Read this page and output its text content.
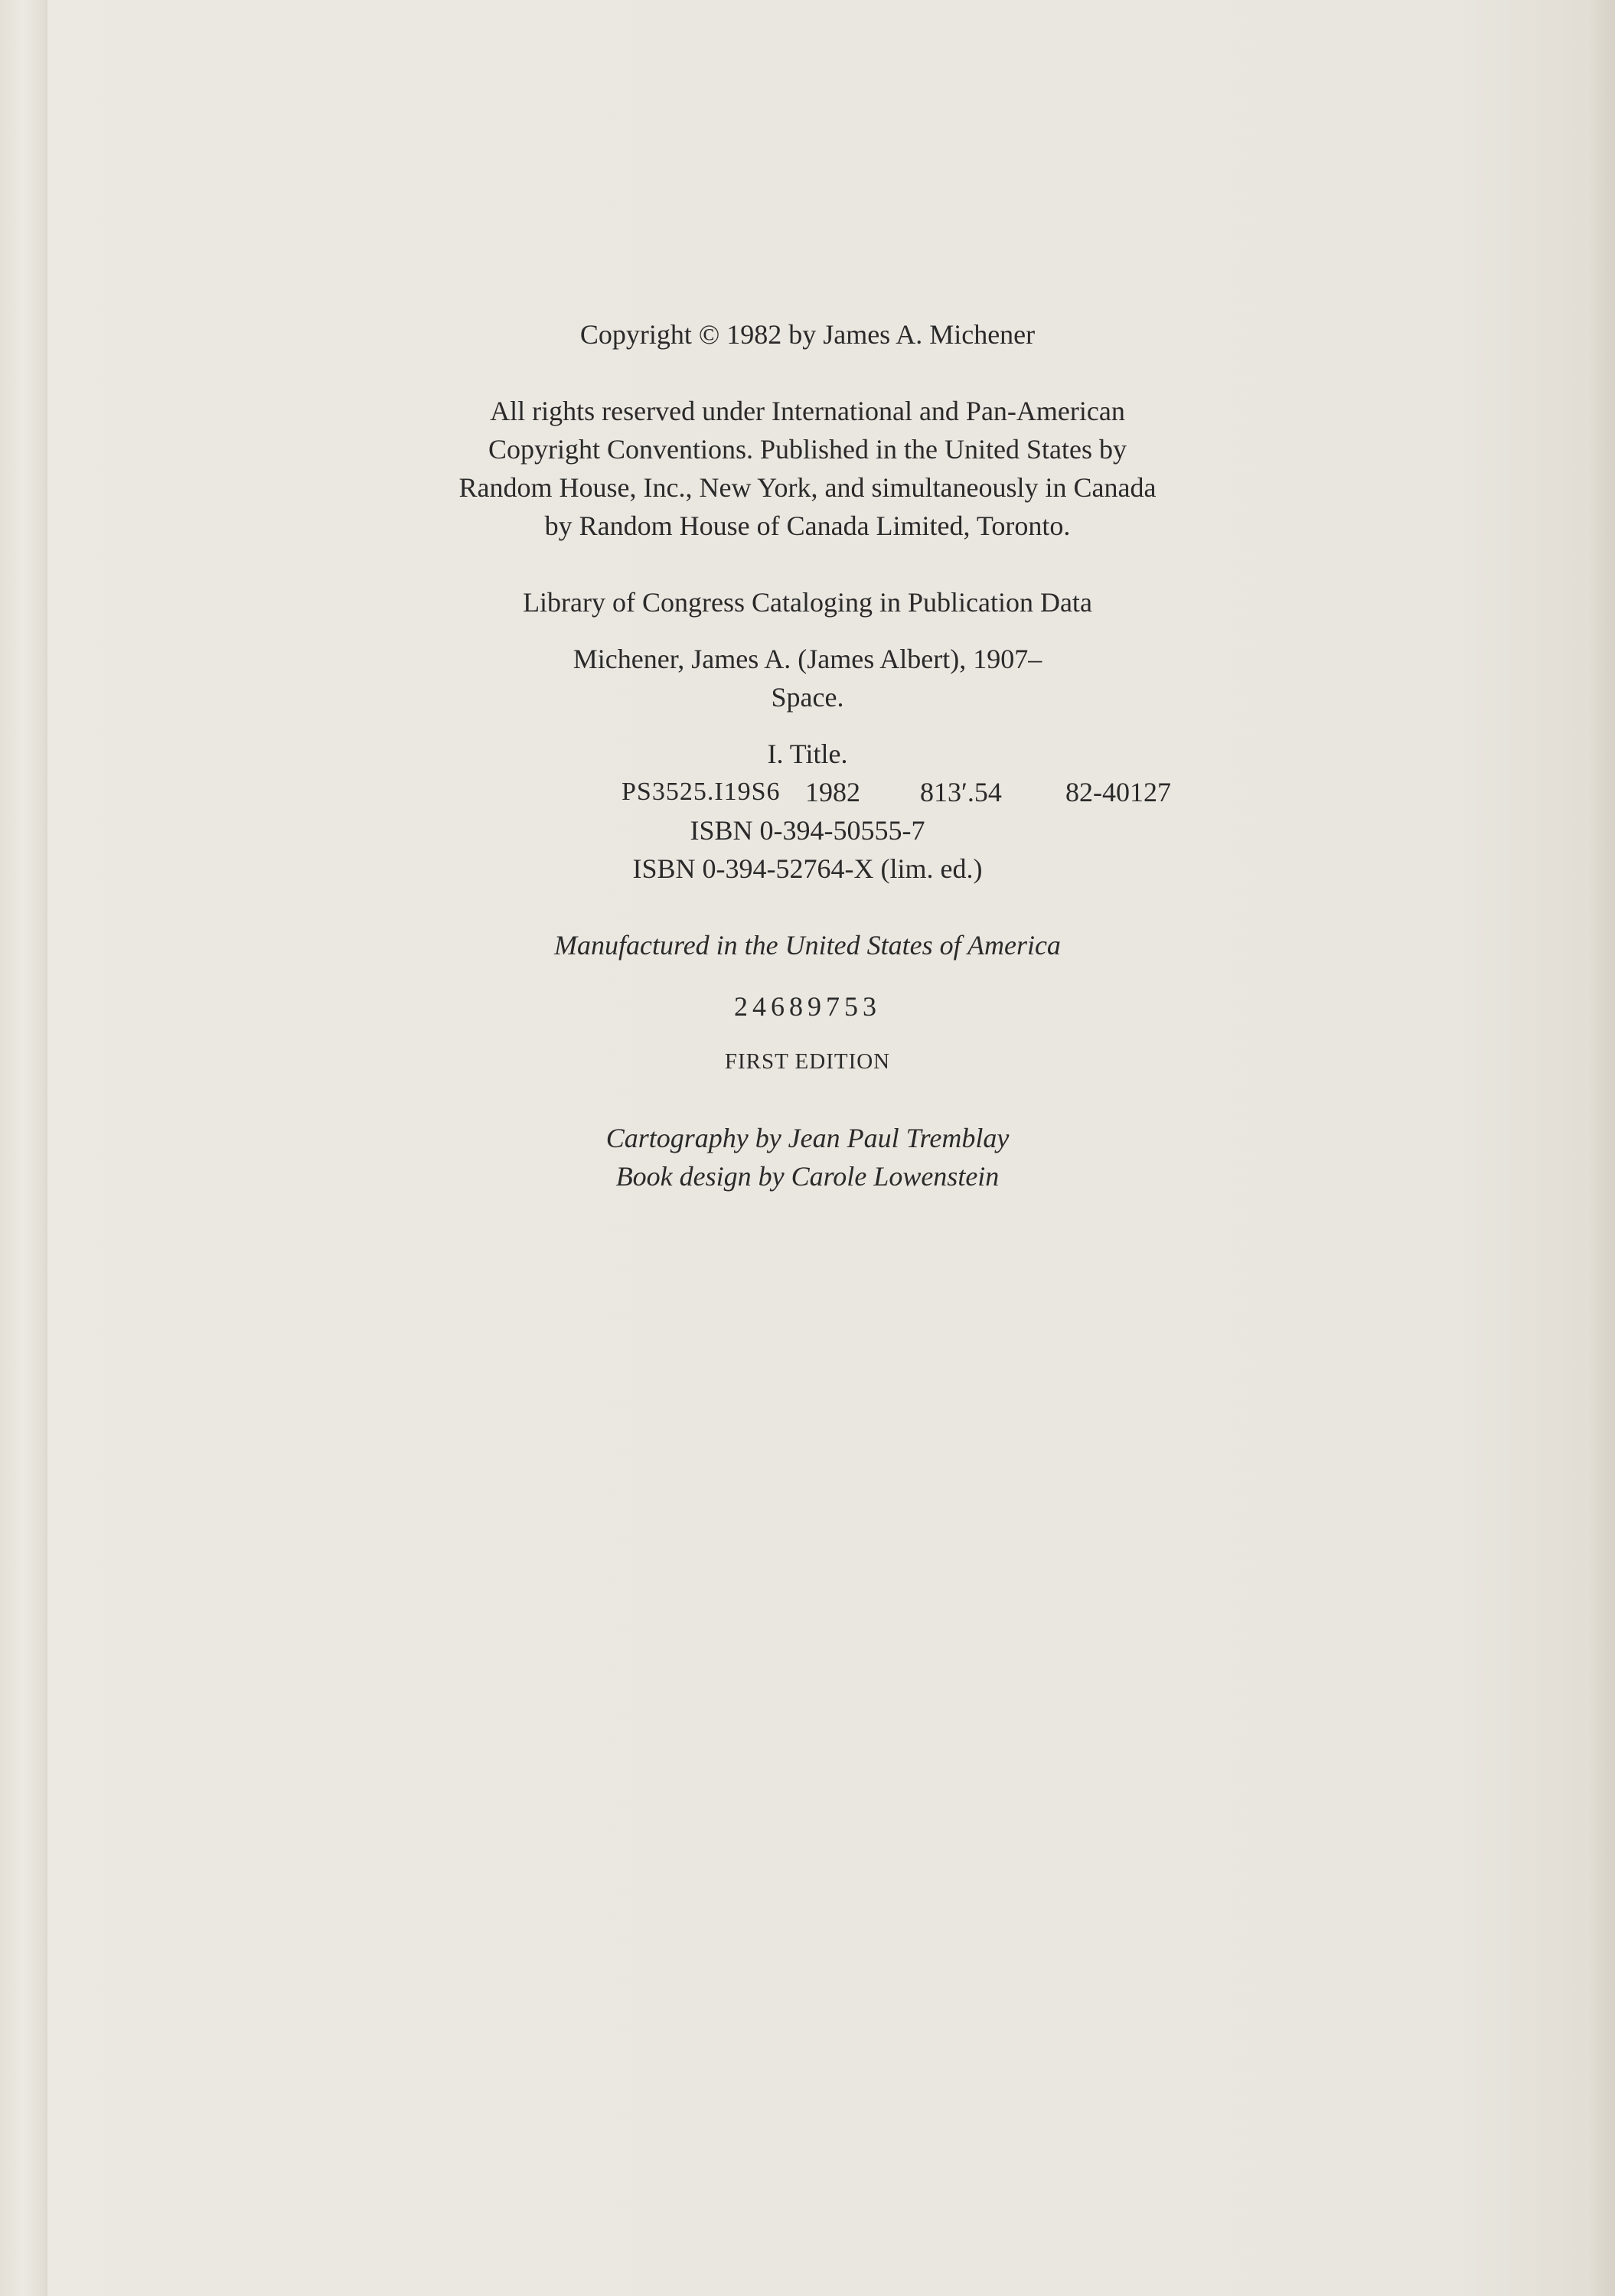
Copyright © 1982 by James A. Michener
All rights reserved under International and Pan-American
Copyright Conventions. Published in the United States by
Random House, Inc., New York, and simultaneously in Canada
by Random House of Canada Limited, Toronto.
Library of Congress Cataloging in Publication Data
Michener, James A. (James Albert), 1907–
Space.
I. Title.
PS3525.I19S6 1982 813′.54 82-40127
ISBN 0-394-50555-7
ISBN 0-394-52764-X (lim. ed.)
Manufactured in the United States of America
24689753
FIRST EDITION
Cartography by Jean Paul Tremblay
Book design by Carole Lowenstein
